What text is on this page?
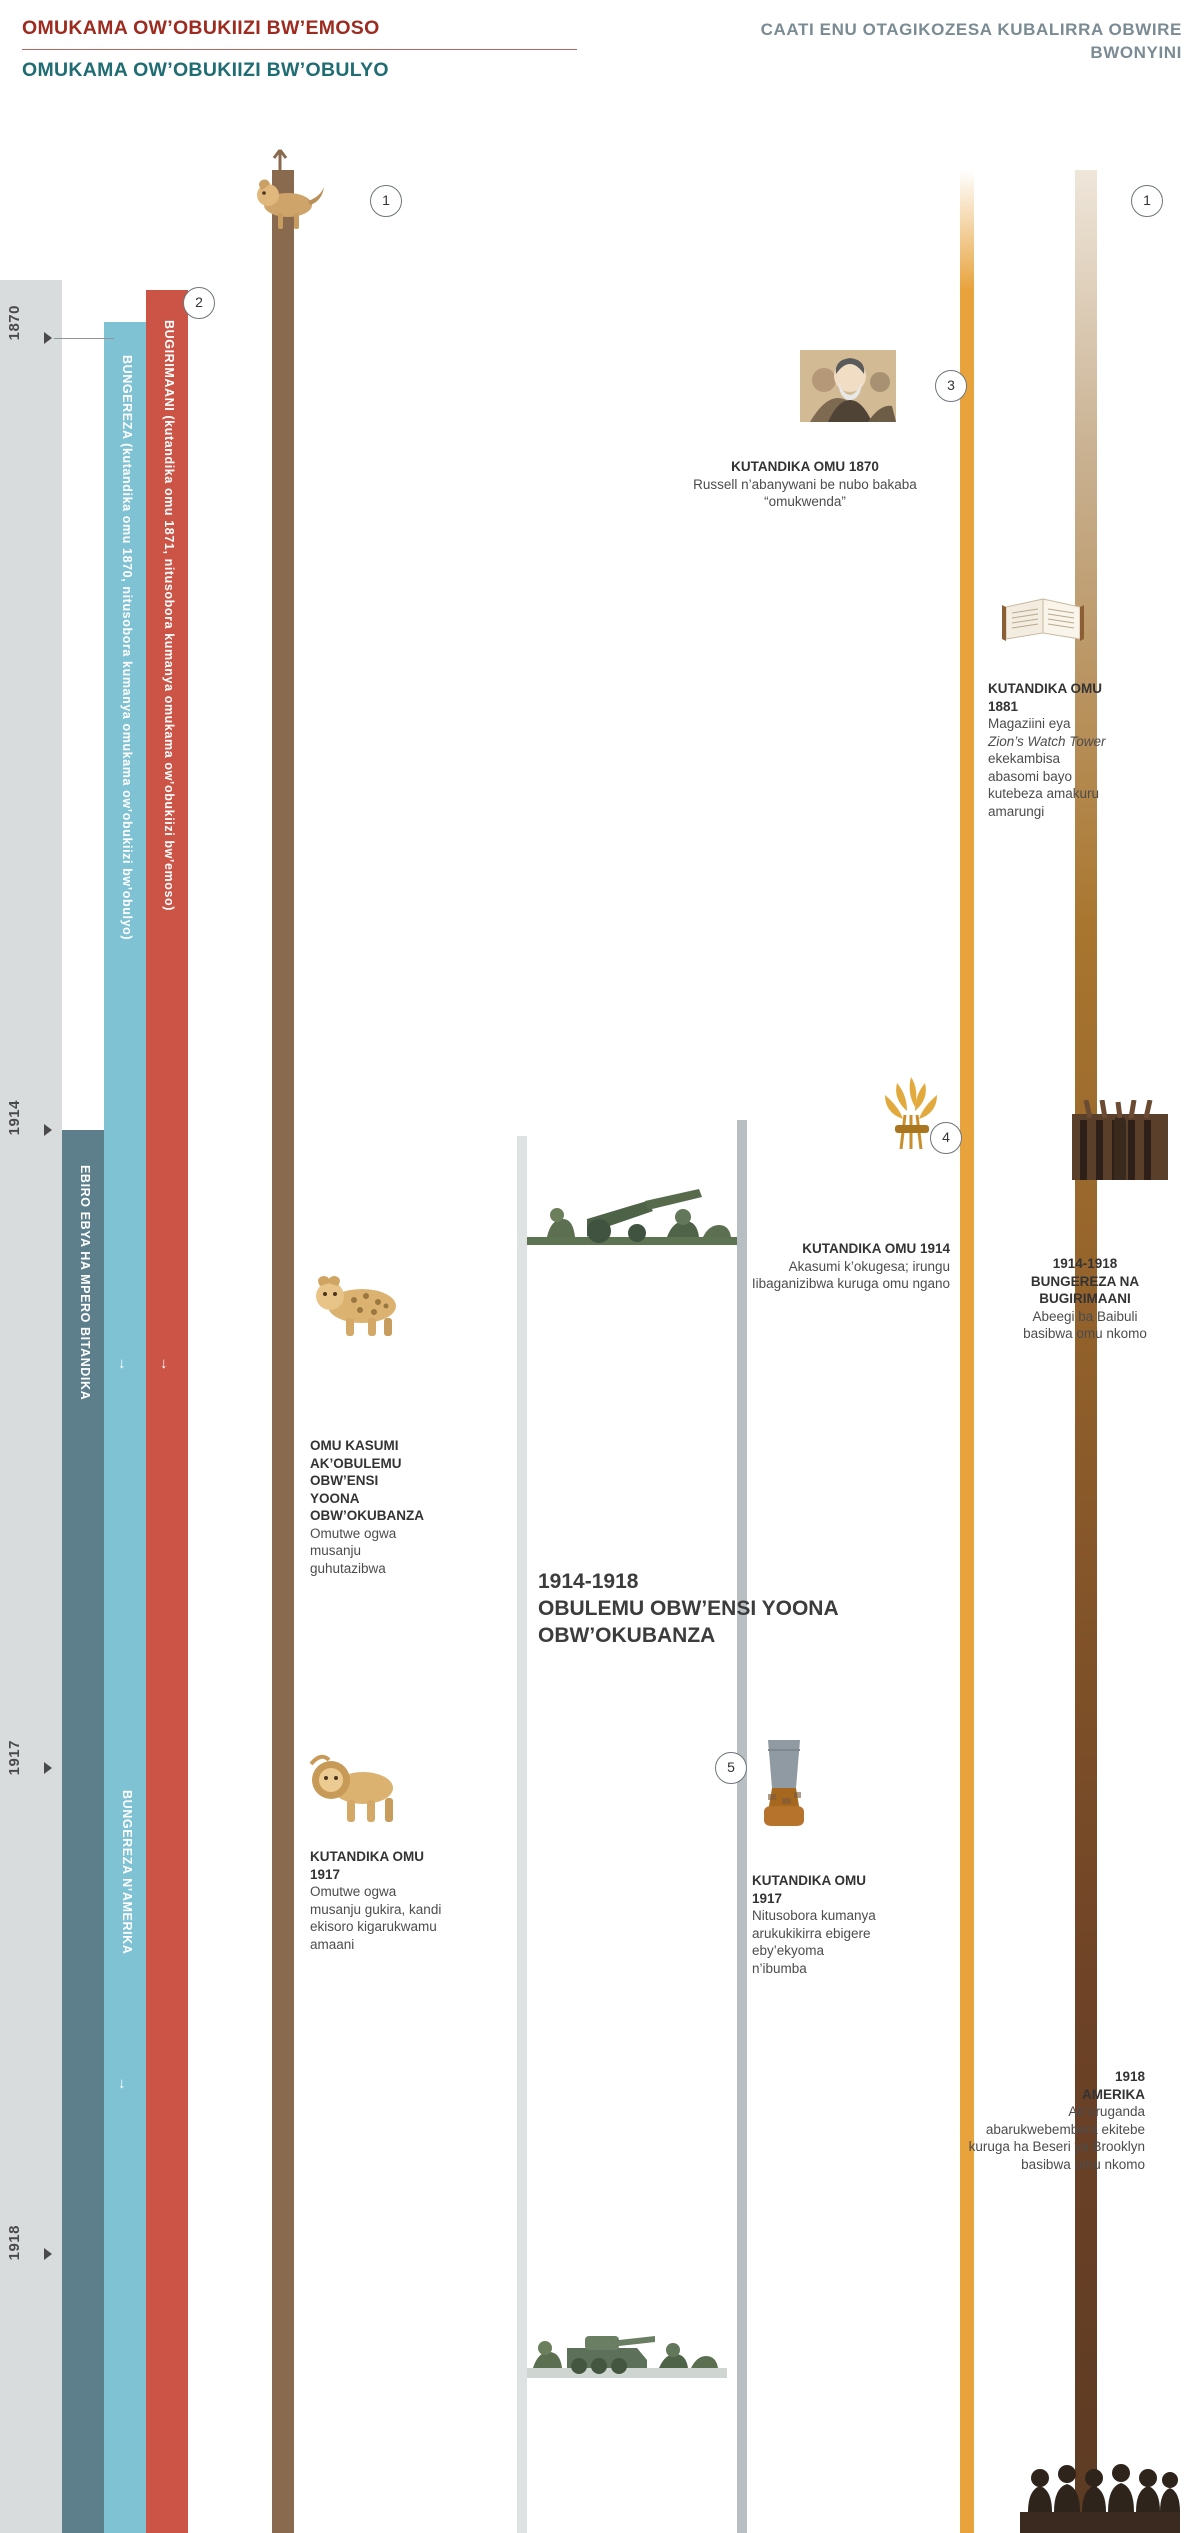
OMUKAMA OW’OBUKIIZI BW’EMOSO
OMUKAMA OW’OBUKIIZI BW’OBULYO
CAATI ENU OTAGIKOZESA KUBALIRRA OBWIRE BWONYINI
EBIRO EBYA HA MPERO BITANDIKA
BUNGEREZA (kutandika omu 1870, nitusobora kumanya omukama ow’obukiizi bw’obulyo)
↓
BUNGEREZA N’AMERIKA
↓
BUGIRIMAANI (kutandika omu 1871, nitusobora kumanya omukama ow’obukiizi bw’emoso)
↓
1870
1914
1917
1918
1
2
3
4
5
1
KUTANDIKA OMU 1870
Russell n’abanywani be nubo bakaba “omukwenda”
KUTANDIKA OMU 1881
Magaziini eya Zion’s Watch Tower ekekambisa abasomi bayo kutebeza amakuru amarungi
KUTANDIKA OMU 1914
Akasumi k’okugesa; irungu Iibaganizibwa kuruga omu ngano
1914-1918
BUNGEREZA NA BUGIRIMAANI
Abeegi ba Baibuli basibwa omu nkomo
OMU KASUMI AK’OBULEMU OBW’ENSI YOONA OBW’OKUBANZA
Omutwe ogwa musanju guhutazibwa
KUTANDIKA OMU 1917
Omutwe ogwa musanju gukira, kandi ekisoro kigarukwamu amaani
KUTANDIKA OMU 1917
Nitusobora kumanya arukukikirra ebigere eby’ekyoma n’ibumba
1918
AMERIKA
Ab’oruganda abarukwebembera ekitebe kuruga ha Beseri ya Brooklyn basibwa omu nkomo
1914-1918
OBULEMU OBW’ENSI YOONA OBW’OKUBANZA
